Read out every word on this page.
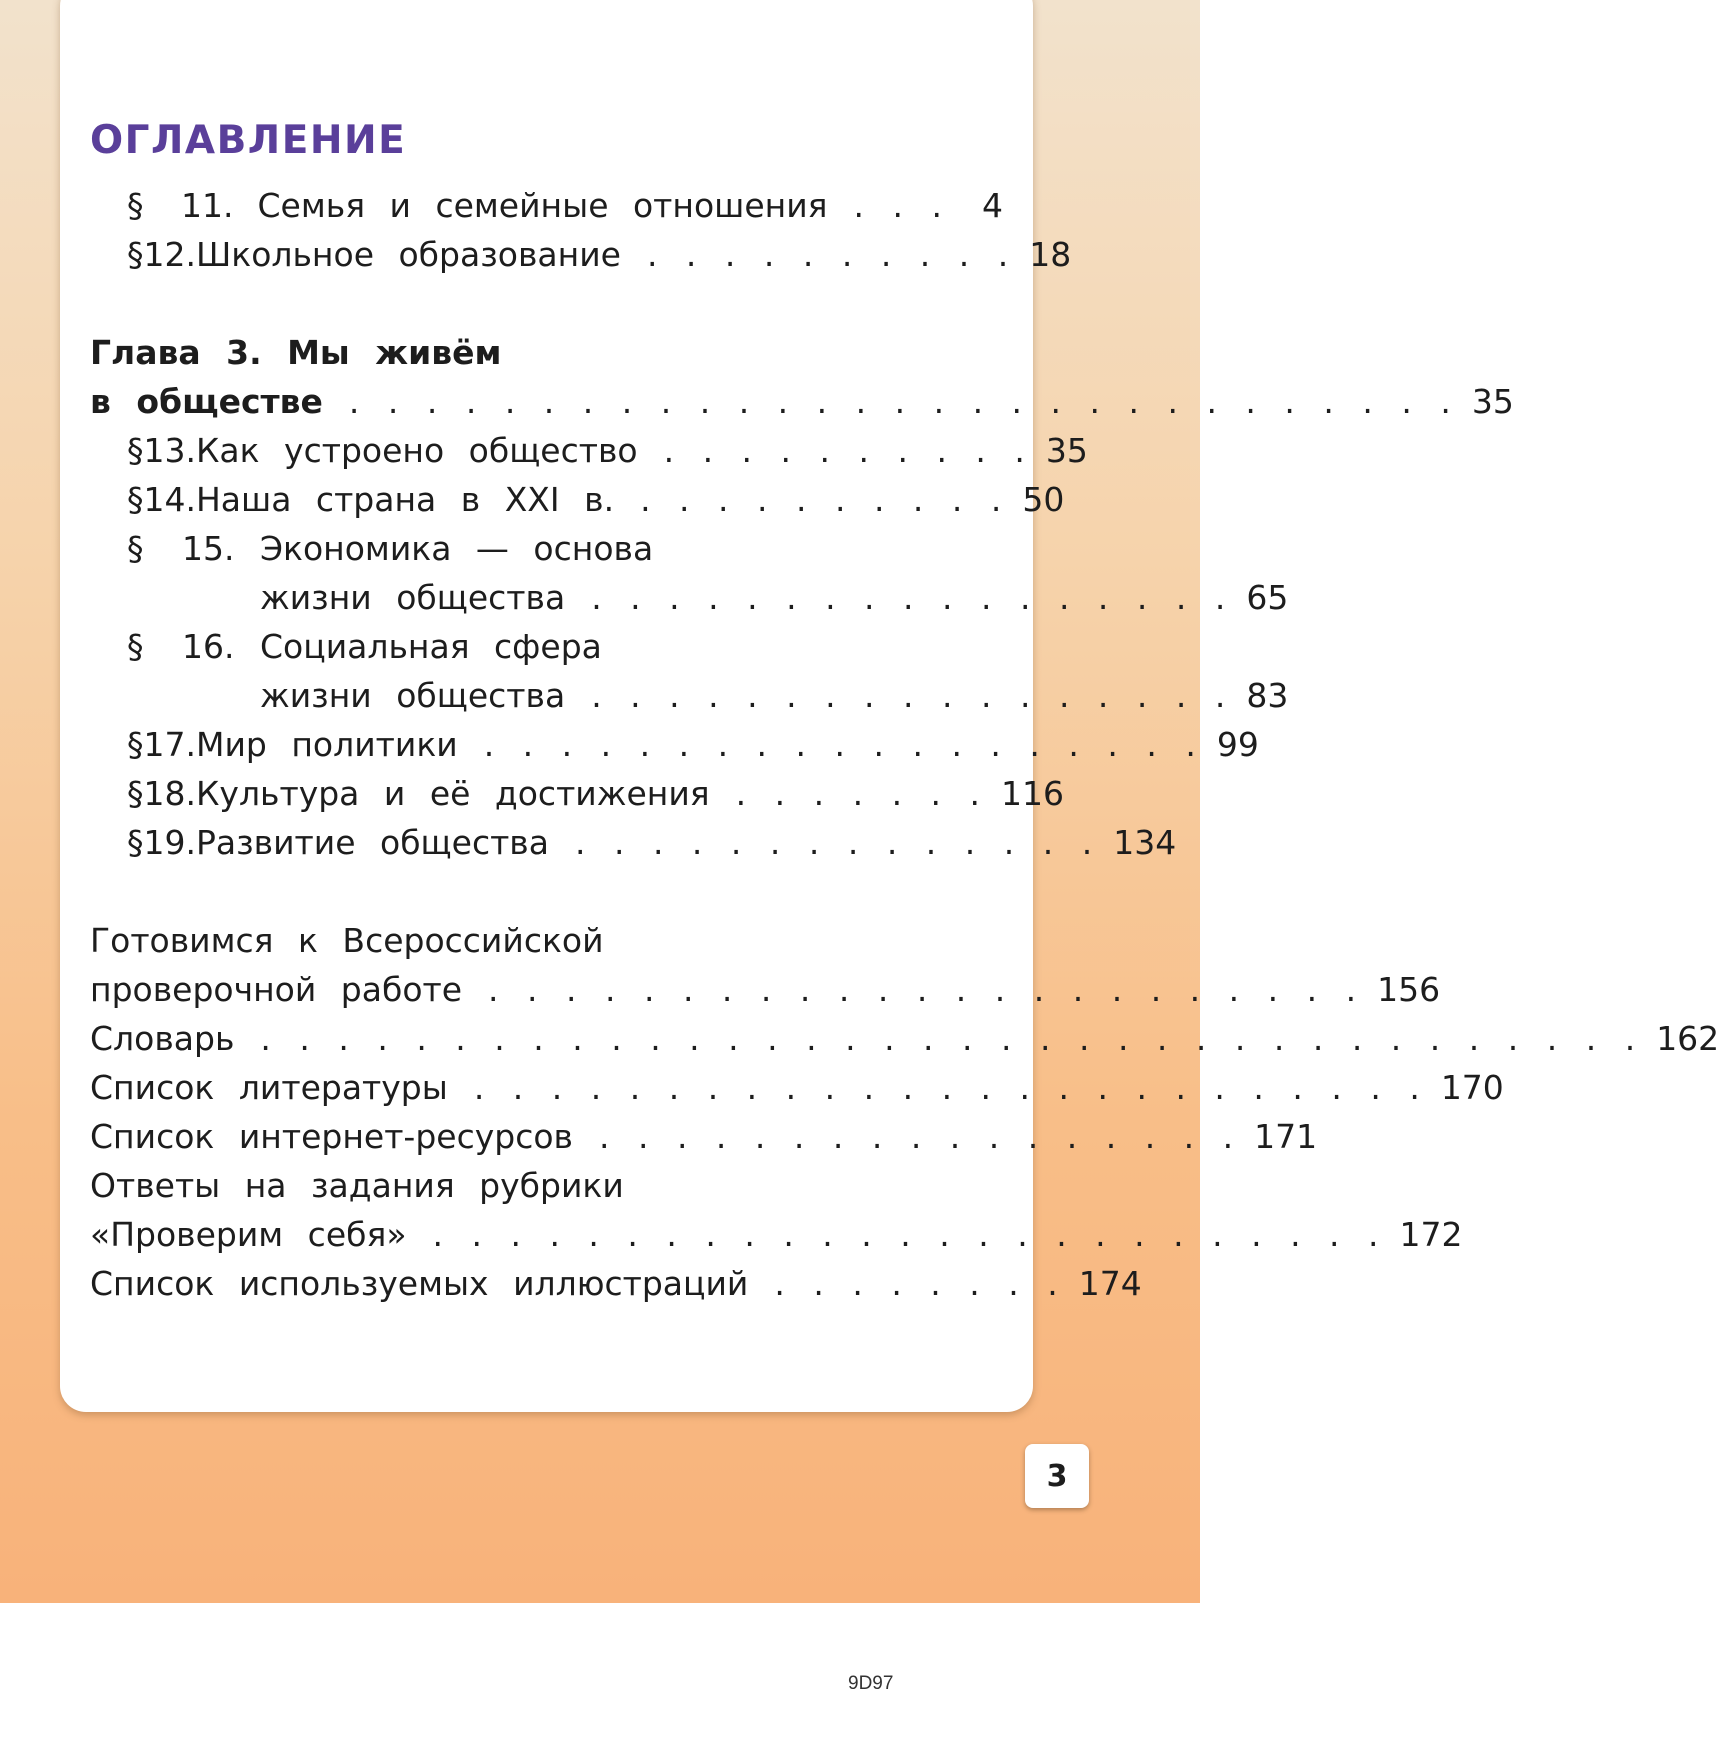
ОГЛАВЛЕНИЕ
§	11. Семья и семейные отношения . . . 4
§ 12. Школьное образование . . . . . . . . . . 18
Глава 3. Мы живём
в обществе . . . . . . . . . . . . . . . . . . . . . . . . . . . . . 35
§ 13. Как устроено общество . . . . . . . . . . 35
§ 14. Наша страна в XXI в. . . . . . . . . . . 50
§	15. Экономика — основа
жизни общества . . . . . . . . . . . . . . . . . 65
§	16. Социальная сфера
жизни общества . . . . . . . . . . . . . . . . . 83
§ 17. Мир политики . . . . . . . . . . . . . . . . . . . 99
§ 18. Культура и её достижения . . . . . . . 116
§ 19. Развитие общества . . . . . . . . . . . . . . 134
Готовимся к Всероссийской
проверочной работе . . . . . . . . . . . . . . . . . . . . . . . 156
Словарь . . . . . . . . . . . . . . . . . . . . . . . . . . . . . . . . . . . . 162
Список литературы . . . . . . . . . . . . . . . . . . . . . . . . . 170
Список интернет-ресурсов . . . . . . . . . . . . . . . . . 171
Ответы на задания рубрики
«Проверим себя» . . . . . . . . . . . . . . . . . . . . . . . . . 172
Список используемых иллюстраций . . . . . . . . 174
3
9D97
